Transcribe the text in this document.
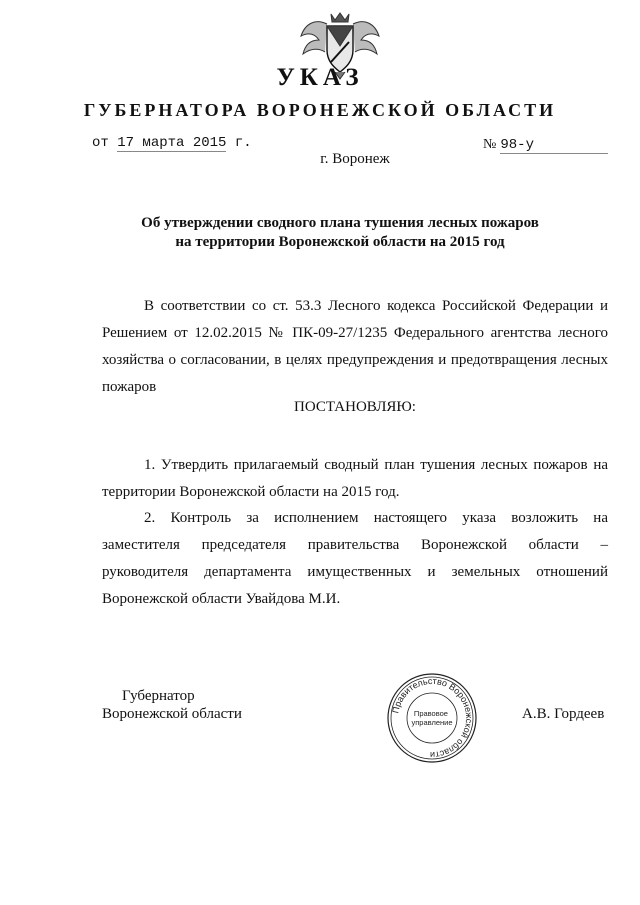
УКАЗ
ГУБЕРНАТОРА ВОРОНЕЖСКОЙ ОБЛАСТИ
от 17 марта 2015 г.	№ 98-у
г. Воронеж
Об утверждении сводного плана тушения лесных пожаров на территории Воронежской области на 2015 год
В соответствии со ст. 53.3 Лесного кодекса Российской Федерации и Решением от 12.02.2015 № ПК-09-27/1235 Федерального агентства лесного хозяйства о согласовании, в целях предупреждения и предотвращения лесных пожаров
ПОСТАНОВЛЯЮ:
1. Утвердить прилагаемый сводный план тушения лесных пожаров на территории Воронежской области на 2015 год.
2. Контроль за исполнением настоящего указа возложить на заместителя председателя правительства Воронежской области – руководителя департамента имущественных и земельных отношений Воронежской области Увайдова М.И.
Губернатор
Воронежской области	А.В. Гордеев
Правительство Воронежской области
Правовое управление
